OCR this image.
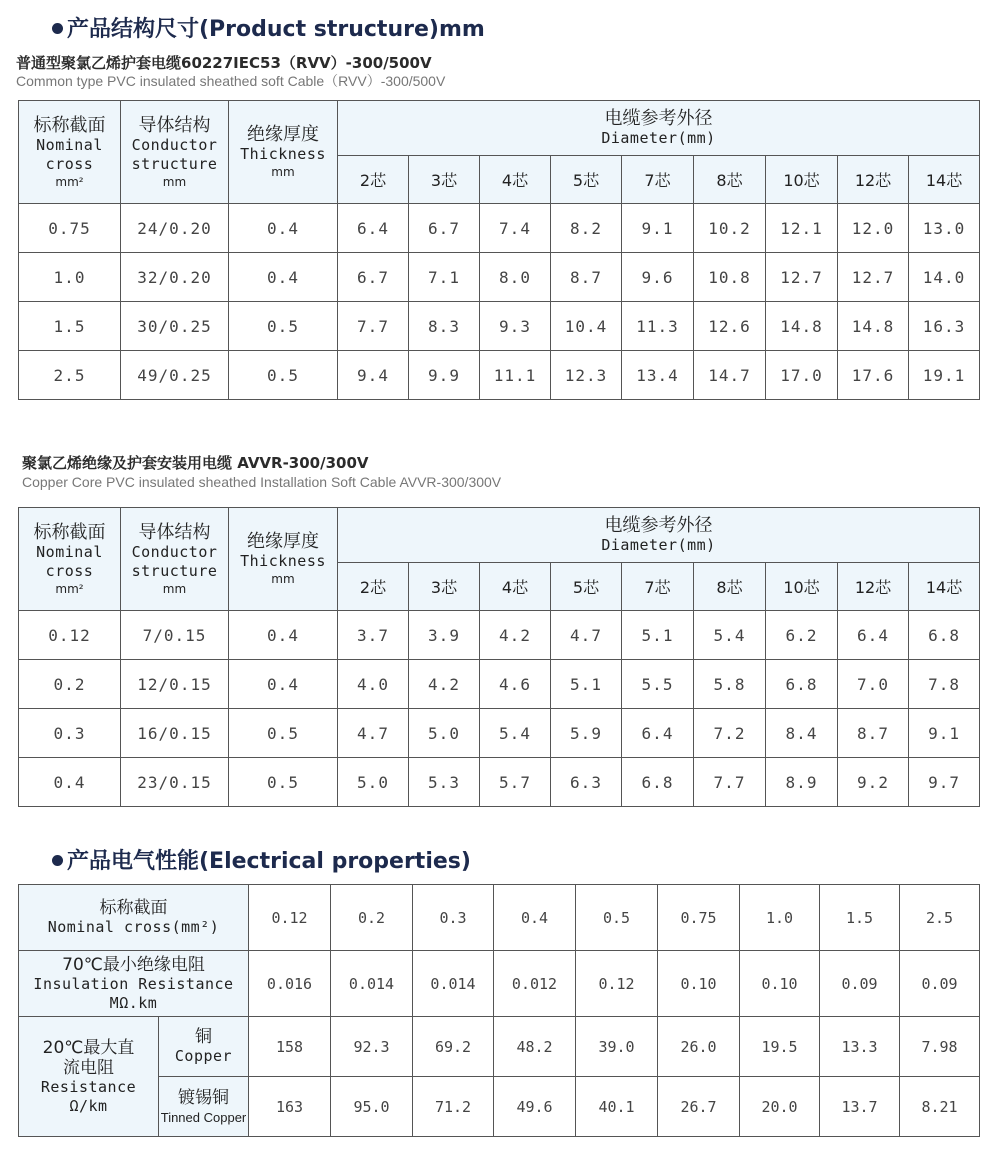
产品结构尺寸(Product structure)mm
普通型聚氯乙烯护套电缆60227IEC53（RVV）-300/500V
Common type PVC insulated sheathed soft Cable（RVV）-300/500V
标称截面
Nominal
cross
mm²	导体结构
Conductor
structure
mm	绝缘厚度
Thickness
mm	电缆参考外径
Diameter(mm)								

			2芯	3芯	4芯	5芯	7芯	8芯	10芯	12芯	14芯
0.75	24/0.20	0.4	6.4	6.7	7.4	8.2	9.1	10.2	12.1	12.0	13.0
1.0	32/0.20	0.4	6.7	7.1	8.0	8.7	9.6	10.8	12.7	12.7	14.0
1.5	30/0.25	0.5	7.7	8.3	9.3	10.4	11.3	12.6	14.8	14.8	16.3
2.5	49/0.25	0.5	9.4	9.9	11.1	12.3	13.4	14.7	17.0	17.6	19.1
聚氯乙烯绝缘及护套安装用电缆 AVVR-300/300V
Copper Core PVC insulated sheathed Installation Soft Cable AVVR-300/300V
标称截面
Nominal
cross
mm²	导体结构
Conductor
structure
mm	绝缘厚度
Thickness
mm	电缆参考外径
Diameter(mm)								

			2芯	3芯	4芯	5芯	7芯	8芯	10芯	12芯	14芯
0.12	7/0.15	0.4	3.7	3.9	4.2	4.7	5.1	5.4	6.2	6.4	6.8
0.2	12/0.15	0.4	4.0	4.2	4.6	5.1	5.5	5.8	6.8	7.0	7.8
0.3	16/0.15	0.5	4.7	5.0	5.4	5.9	6.4	7.2	8.4	8.7	9.1
0.4	23/0.15	0.5	5.0	5.3	5.7	6.3	6.8	7.7	8.9	9.2	9.7
产品电气性能(Electrical properties)
标称截面
Nominal cross(mm²)		0.12	0.2	0.3	0.4	0.5	0.75	1.0	1.5	2.5

70℃最小绝缘电阻
Insulation Resistance
MΩ.km		0.016	0.014	0.014	0.012	0.12	0.10	0.10	0.09	0.09

20℃最大直
流电阻
Resistance
Ω/km	铜
Copper	158	92.3	69.2	48.2	39.0	26.0	19.5	13.3	7.98

	镀锡铜
Tinned Copper	163	95.0	71.2	49.6	40.1	26.7	20.0	13.7	8.21
